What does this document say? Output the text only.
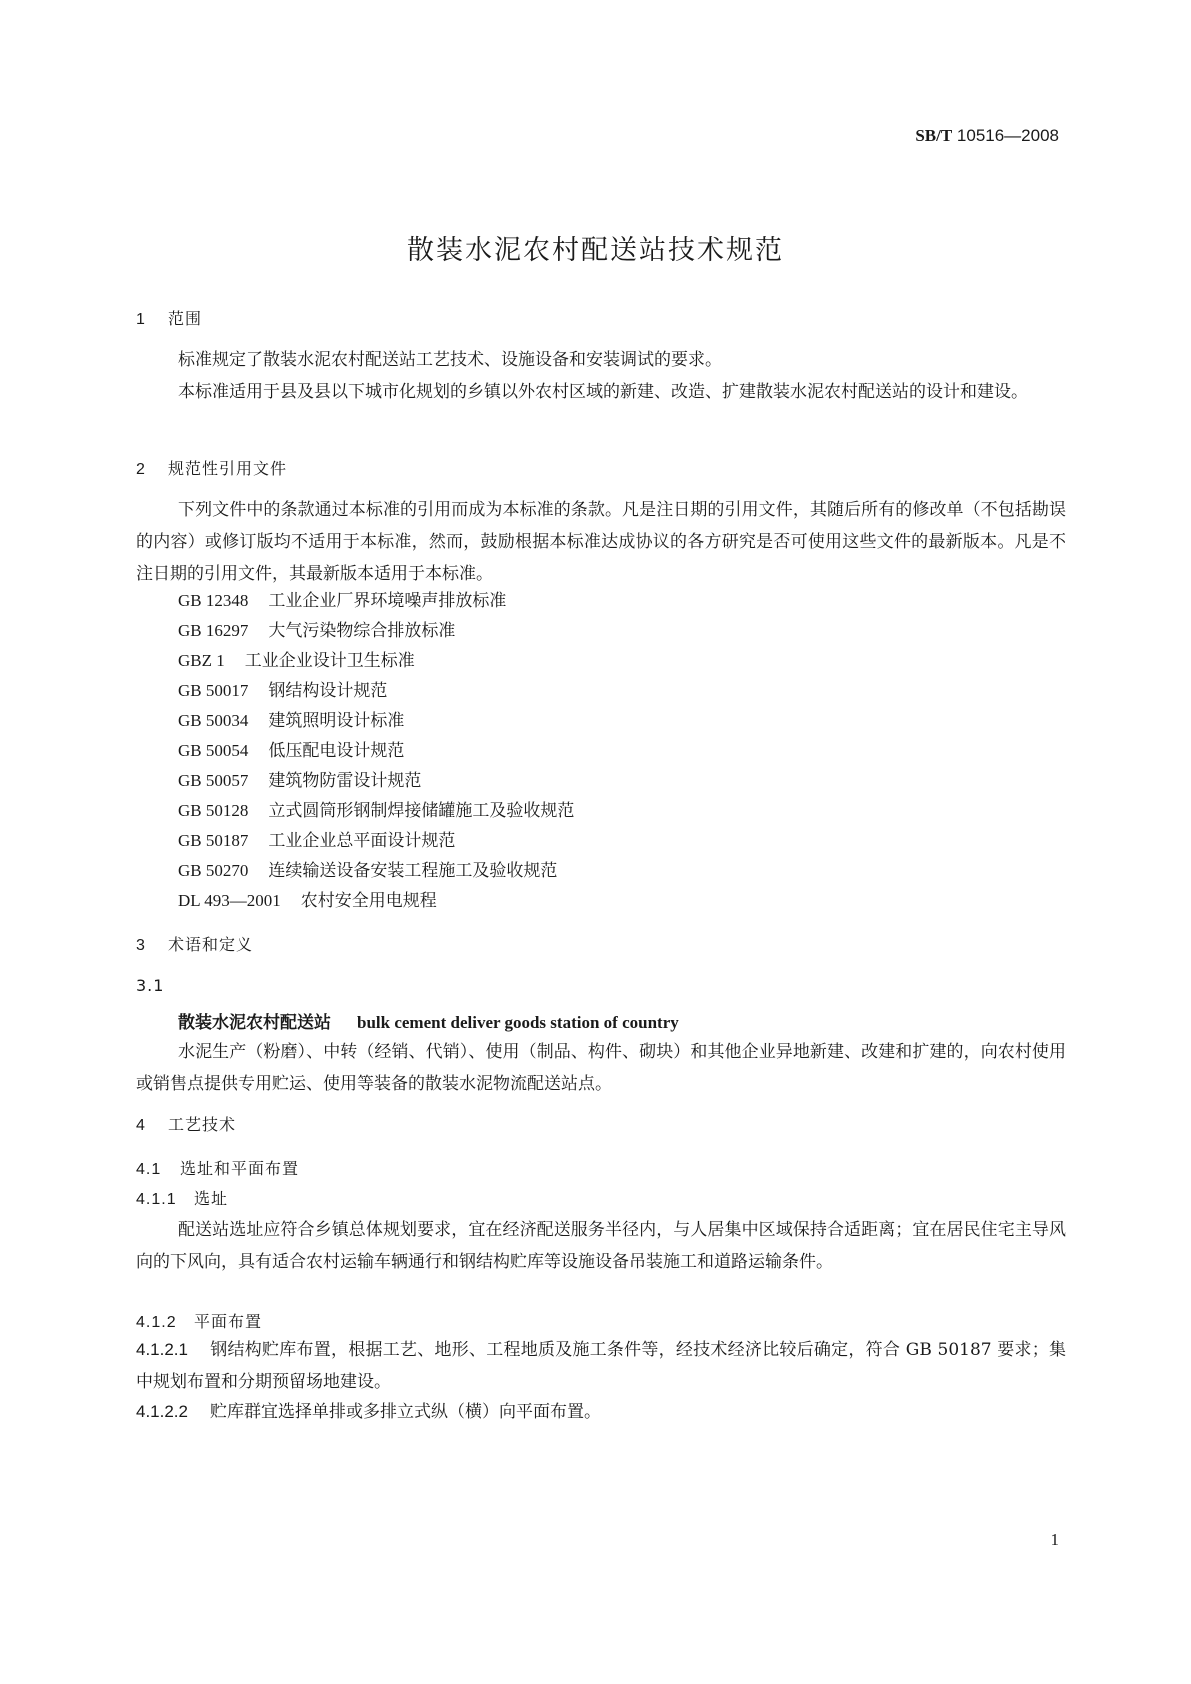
SB/T 10516—2008
散装水泥农村配送站技术规范
1 范围
标准规定了散装水泥农村配送站工艺技术、设施设备和安装调试的要求。
本标准适用于县及县以下城市化规划的乡镇以外农村区域的新建、改造、扩建散装水泥农村配送站的设计和建设。
2 规范性引用文件
下列文件中的条款通过本标准的引用而成为本标准的条款。凡是注日期的引用文件，其随后所有的修改单（不包括勘误的内容）或修订版均不适用于本标准，然而，鼓励根据本标准达成协议的各方研究是否可使用这些文件的最新版本。凡是不注日期的引用文件，其最新版本适用于本标准。
GB 12348 工业企业厂界环境噪声排放标准
GB 16297 大气污染物综合排放标准
GBZ 1 工业企业设计卫生标准
GB 50017 钢结构设计规范
GB 50034 建筑照明设计标准
GB 50054 低压配电设计规范
GB 50057 建筑物防雷设计规范
GB 50128 立式圆筒形钢制焊接储罐施工及验收规范
GB 50187 工业企业总平面设计规范
GB 50270 连续输送设备安装工程施工及验收规范
DL 493—2001 农村安全用电规程
3 术语和定义
3.1
散装水泥农村配送站 bulk cement deliver goods station of country
水泥生产（粉磨）、中转（经销、代销）、使用（制品、构件、砌块）和其他企业异地新建、改建和扩建的，向农村使用或销售点提供专用贮运、使用等装备的散装水泥物流配送站点。
4 工艺技术
4.1 选址和平面布置
4.1.1 选址
配送站选址应符合乡镇总体规划要求，宜在经济配送服务半径内，与人居集中区域保持合适距离；宜在居民住宅主导风向的下风向，具有适合农村运输车辆通行和钢结构贮库等设施设备吊装施工和道路运输条件。
4.1.2 平面布置
4.1.2.1 钢结构贮库布置，根据工艺、地形、工程地质及施工条件等，经技术经济比较后确定，符合 GB 50187 要求；集中规划布置和分期预留场地建设。
4.1.2.2 贮库群宜选择单排或多排立式纵（横）向平面布置。
1
